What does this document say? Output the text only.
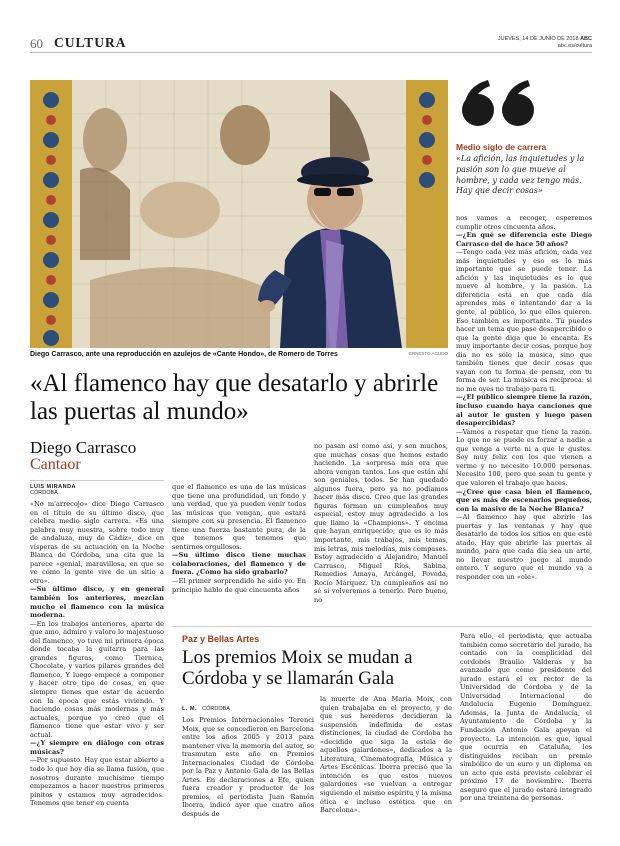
60 CULTURA	JUEVES, 14 DE JUNIO DE 2018 ABC
abc.es/cultura
Diego Carrasco, ante una reproducción en azulejos de «Cante Hondo», de Romero de Torres	ERNESTO AGUDO
«Al flamenco hay que desatarlo y abrirle las puertas al mundo»
Diego Carrasco
Cantaor
Medio siglo de carrera
«La afición, las inquietudes y la pasión son lo que mueve al hombre, y cada vez tengo más. Hay que decir cosas»
LUIS MIRANDA
CÓRDOBA

«No m'arrecojo» dice Diego Carrasco en el título de su último disco, que celebra medio siglo carrera. «Es una palabra muy nuestra, sobre todo muy de andaluza, muy de Cádiz», dice en vísperas de su actuación en la Noche Blanca de Córdoba, una cita que la parece «genial, maravillosa, en que se ve cómo la gente vive de un sitio a otro».

—Su último disco, y en general también los anteriores, mezclan mucho el flamenco con la música moderna.

—En los trabajos anteriores, aparte de que amo, admiro y valoro lo majestuoso del flamenco, yo tuve mi primera época donde tocaba la guitarra para las grandes figuras, como Tiernica, Chocolate, y varios pilares grandes del flamenco. Y luego empecé a componer y hacer otro tipo de cosas, en que siempre tienes que estar de acuerdo con la época que estás viviendo. Y haciendo cosas más modernas y más actuales, porque yo creo que el flamenco tiene que estar vivo y ser actual.

—¿Y siempre en diálogo con otras músicas?

—Por supuesto. Hay que estar abierto a todo lo que hoy día se llama fusión, que nosotros durante muchísimo tiempo empezamos a hacer nuestros primeros pinitos y estamos muy agradecidos. Tenemos que tener en cuenta

que el flamenco es una de las músicas que tiene una profundidad, un fondo y una verdad, que ya pueden venir todas las músicas que vengan, que estará siempre con su presencia. El flamenco tiene una fuerza bastante pura, de la que tenemos que tenemos que sentirnos orgullosos.

—Su último disco tiene muchas colaboraciones, del flamenco y de fuera. ¿Cómo ha sido grabarlo?

—El primer sorprendido he sido yo. En principio hablo de que cincuenta años

no pasan así como así, y son muchos, que muchas cosas que hemos estado haciendo. La sorpresa mía era que ahora vengan tantos. Los que están ahí son geniales, todos. Se han quedado algunos fuera, pero ya no podíamos hacer más disco. Creo que las grandes figuras forman un cumpleaños muy especial, estoy muy agradecido a los que llamo la «Champions». Y encima que hayan enriquecido, que es lo más importante, mis trabajos, mis temas, mis letras, mis melodías, mis compases. Estoy agradecido a Alejandro, Manuel Carrasco, Miguel Ríos, Sabina, Remedios Amaya, Arcángel, Poveda, Rocío Márquez. Un cumpleaños así no sé si volveremos a tenerlo. Pero bueno, no

nos vamos a recoger, esperemos cumplir otros cincuenta años.

—¿En qué se diferencia este Diego Carrasco del de hace 50 años?

—Tengo cada vez más afición, cada vez más inquietudes y eso es lo más importante que se puede tener. La afición y las inquietudes es lo que mueve al hombre, y la pasión. La diferencia está en que cada día aprendes más e intentando dar a la gente, al público, lo que ellos quieren. Eso también es importante. Tú puedes hacer un tema que pase desapercibido o que la gente diga que le encanta. Es muy importante decir cosas, porque hoy día no es sólo la música, sino que también tienes que decir cosas que vayan con tu forma de pensar, con tu forma de ser. La música es recíproca: si no me oyes no trabajo para ti.

—¿El público siempre tiene la razón, incluso cuando haya canciones que al autor le gusten y luego pasen desapercibidas?

—Vamos a respetar que tiene la razón. Lo que no se puede es forzar a nadie a que venga a verte ni a que le gustes. Soy muy feliz con los que vienen a verme y no necesito 10.000 personas. Necesito 100, pero que sean tu gente y que valoren el trabajo que haces.

—¿Cree que casa bien el flamenco, que es más de escenarios pequeños, con la masivo de la Noche Blanca?

—Al flamenco hay que abrirle las puertas y las ventanas y hay que desatarlo de todos los sitios en que esté atado. Hay que abrirle las puertas al mundo, para que cada día sea un arte, no llevar nuestro juego al mundo entero. Y seguro que el mundo va a responder con un «ole».

Paz y Bellas Artes
Los premios Moix se mudan a Córdoba y se llamarán Gala
L. M. CÓRDOBA
Los Premios Internacionales Terenci Moix, que se concedieron en Barcelona entre los años 2005 y 2013 para mantener viva la memoria del autor, se trasmutan este año en Premios Internacionales Ciudad de Córdoba por la Paz y Antonio Gala de las Bellas Artes. En declaraciones a Efe, quien fuera creador y productor de los premios, el periodista Juan Ramón Iborra, indicó ayer que cuatro años después de
la muerte de Ana María Moix, con quien trabajaba en el proyecto, y de que sus herederos decidieran la suspensión indefinida de estas distinciones, la ciudad de Córdoba ha «decidido que siga la estela de aquellos galardones», dedicados a la Literatura, Cinematografía, Música y Artes Escénicas. Iborra precisó que la intención es que estos nuevos galardones «se vuelvan a entregar siguiendo el mismo espíritu y la misma ética e incluso estética que en Barcelona».
Para ello, el periodista, que actuaba también como secretario del jurado, ha contado con la complicidad del cordobés Braulio Valderas y ha avanzado que como presidente del jurado estará el ex rector de la Universidad de Córdoba y de la Universidad Internacional de Andalucía Eugenio Domínguez. Además, la Junta de Andalucía, el Ayuntamiento de Córdoba y la Fundación Antonio Gala apoyan el proyecto. La intención es que, igual que ocurría en Cataluña, los distinguidos reciban un premio simbólico de un euro y un diploma en un acto que está previsto celebrar el próximo 17 de noviembre. Iborra aseguró que el jurado estará integrado por una treintena de personas.
